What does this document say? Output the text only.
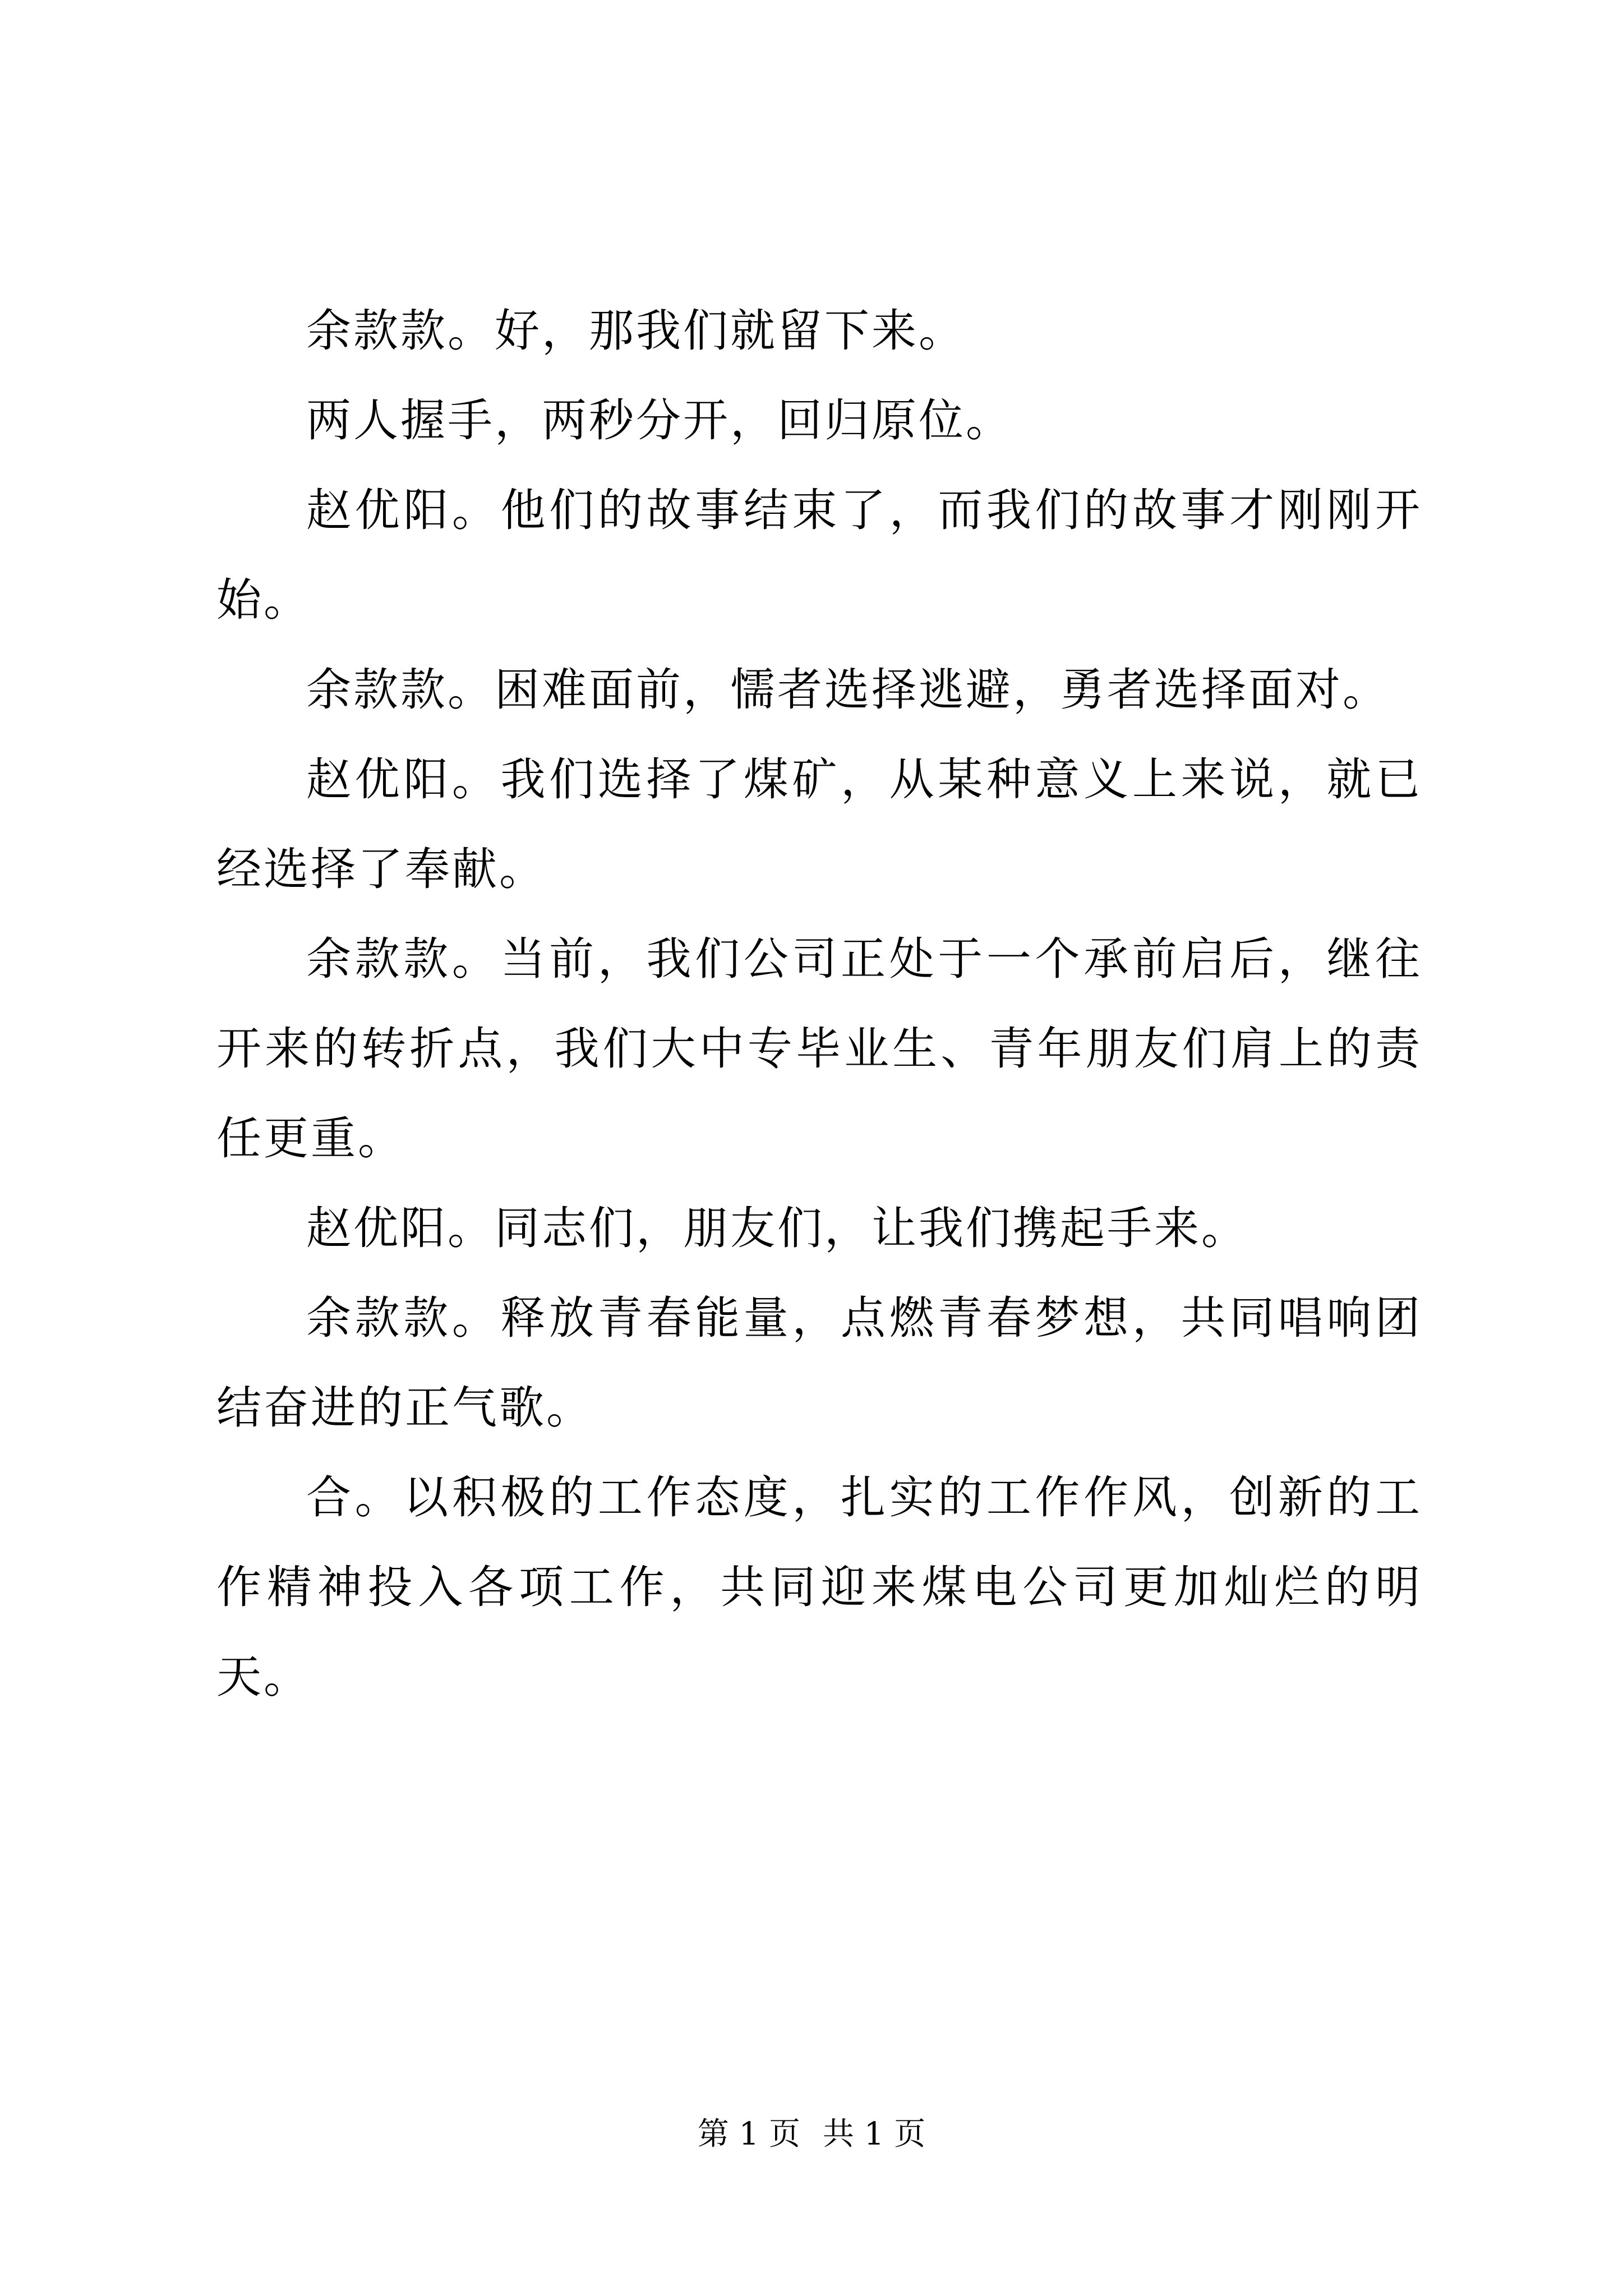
余款款。好，那我们就留下来。

两人握手，两秒分开，回归原位。

赵优阳。他们的故事结束了，而我们的故事才刚刚开始。

余款款。困难面前，懦者选择逃避，勇者选择面对。

赵优阳。我们选择了煤矿，从某种意义上来说，就已经选择了奉献。

余款款。当前，我们公司正处于一个承前启后，继往开来的转折点，我们大中专毕业生、青年朋友们肩上的责任更重。

赵优阳。同志们，朋友们，让我们携起手来。

余款款。释放青春能量，点燃青春梦想，共同唱响团结奋进的正气歌。

合。以积极的工作态度，扎实的工作作风，创新的工作精神投入各项工作，共同迎来煤电公司更加灿烂的明天。

第 1 页 共 1 页
